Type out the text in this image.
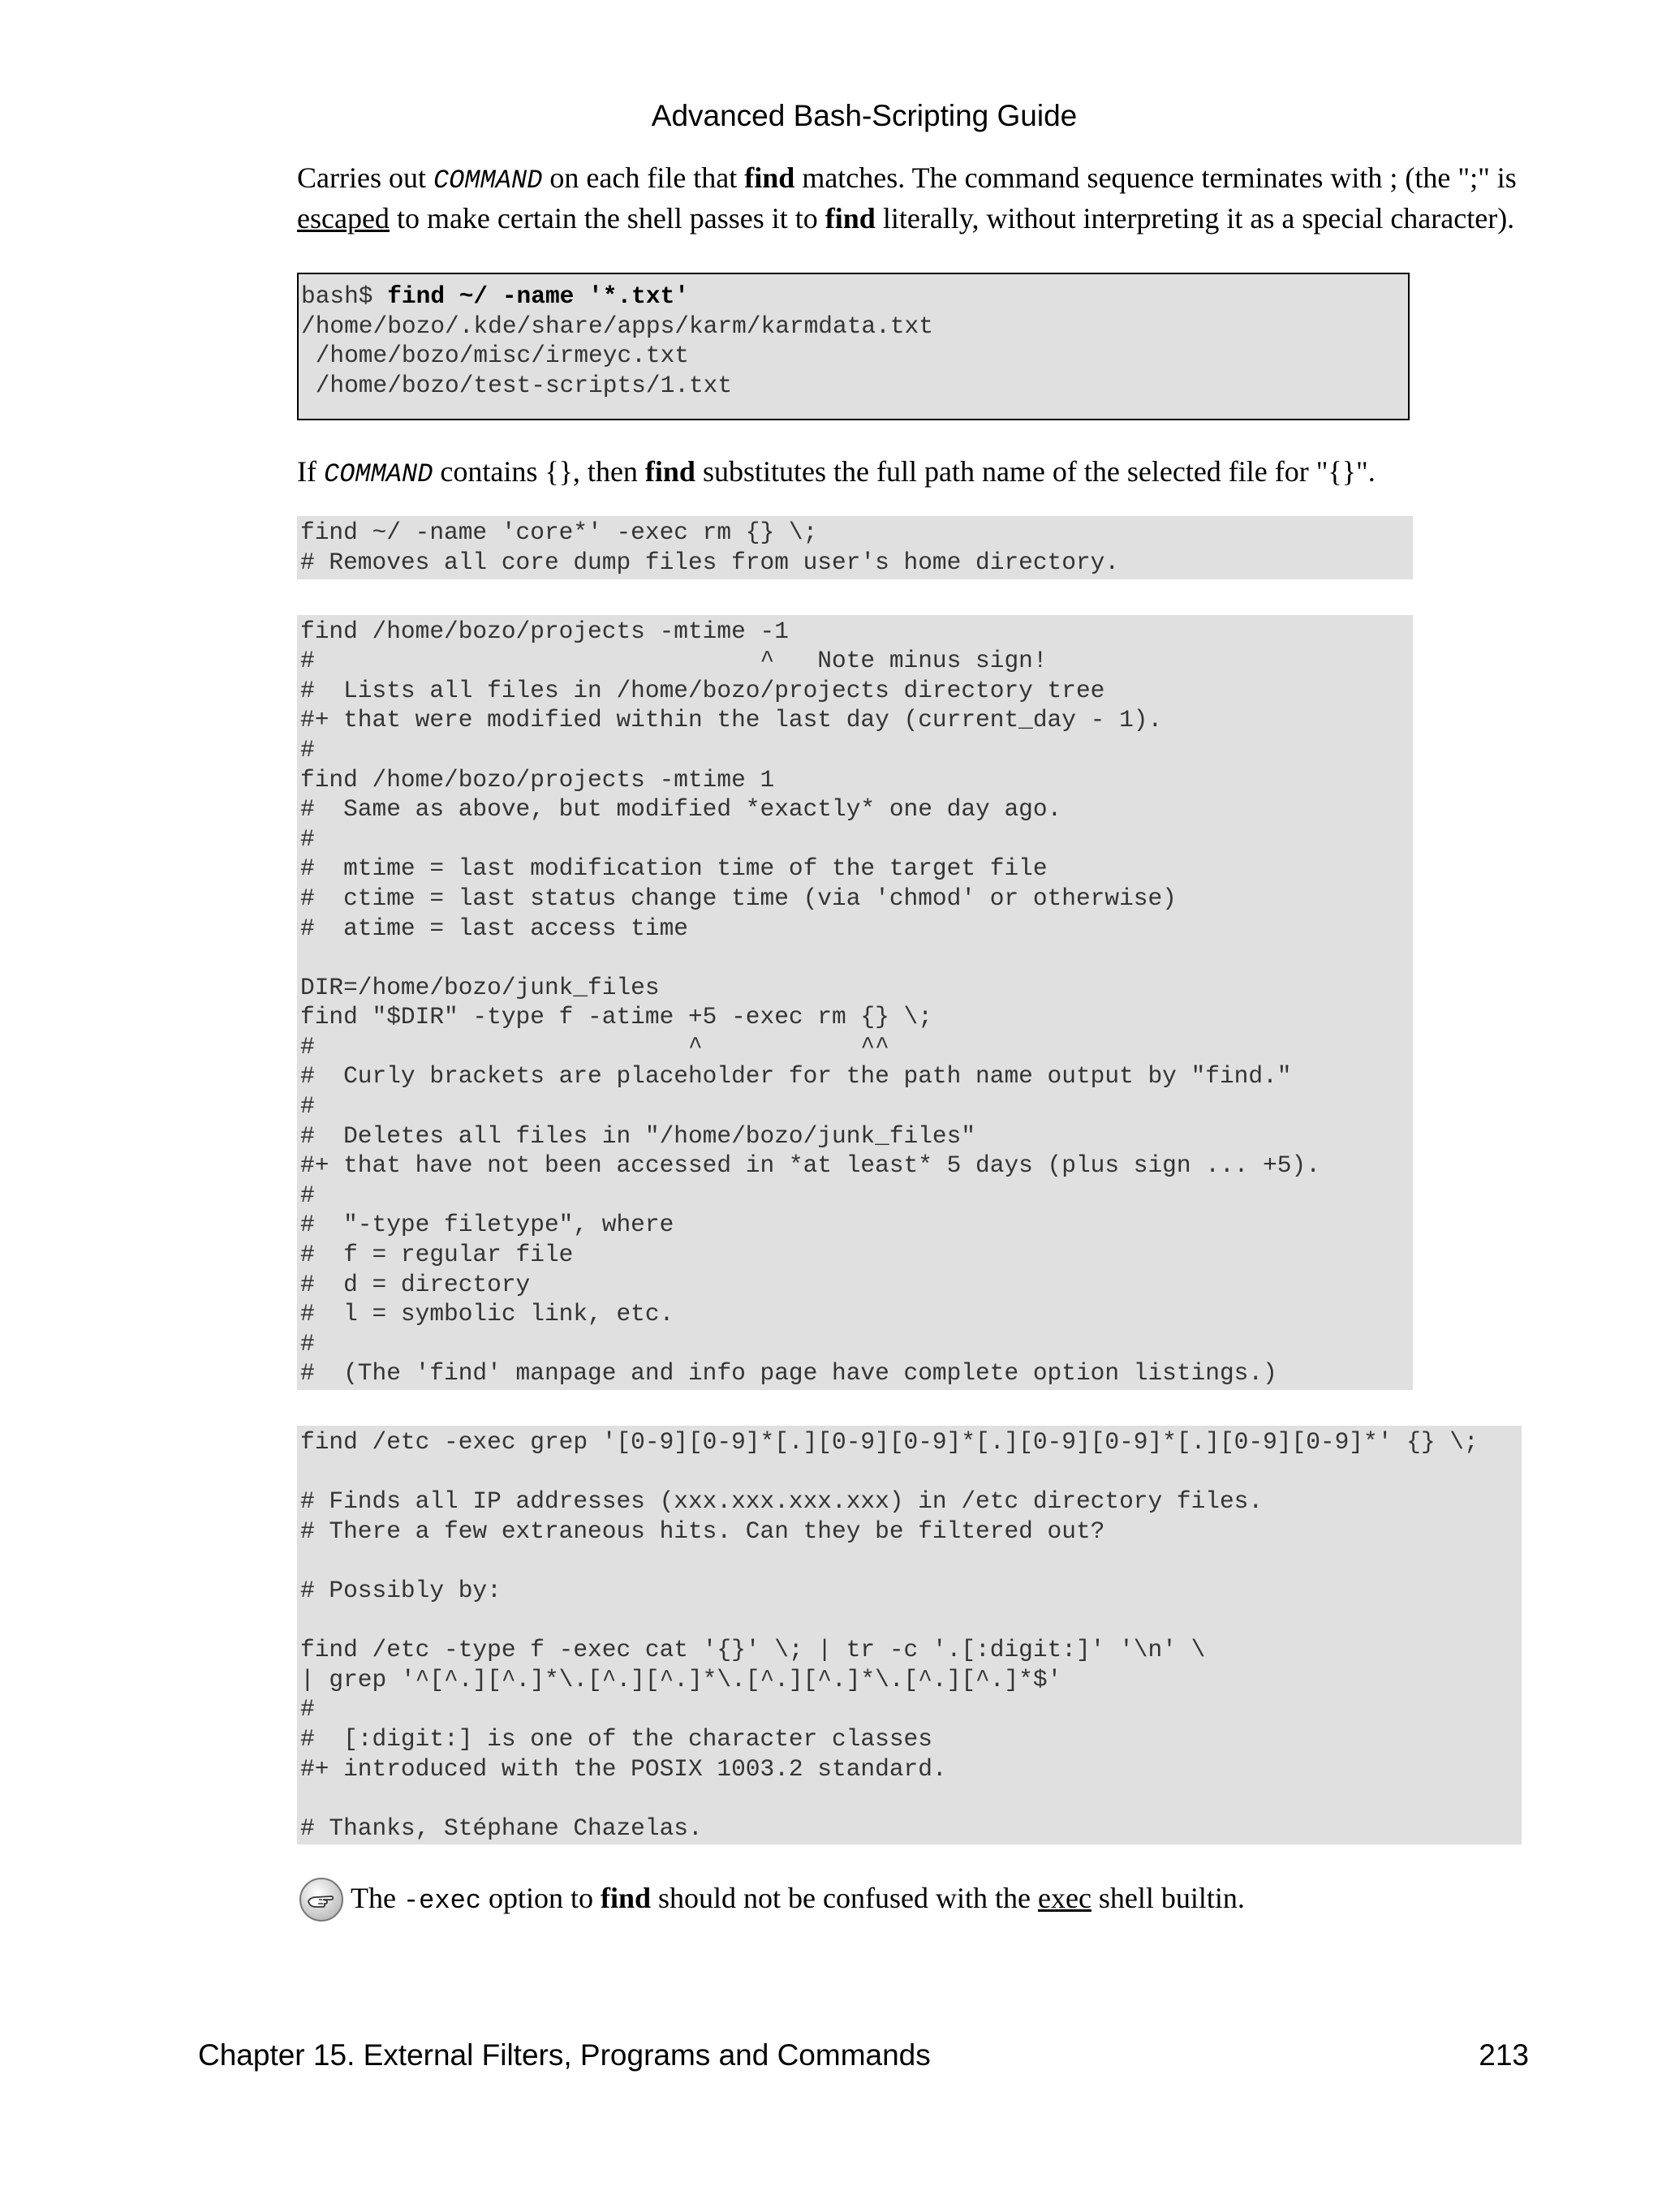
Advanced Bash-Scripting Guide

Carries out COMMAND on each file that find matches. The command sequence terminates with ; (the ";" is escaped to make certain the shell passes it to find literally, without interpreting it as a special character).

bash$ find ~/ -name '*.txt'
/home/bozo/.kde/share/apps/karm/karmdata.txt
/home/bozo/misc/irmeyc.txt
/home/bozo/test-scripts/1.txt

If COMMAND contains {}, then find substitutes the full path name of the selected file for "{}".

find ~/ -name 'core*' -exec rm {} \;
# Removes all core dump files from user's home directory.
find /home/bozo/projects -mtime -1
#                               ^   Note minus sign!
#  Lists all files in /home/bozo/projects directory tree
#+ that were modified within the last day (current_day - 1).
#
find /home/bozo/projects -mtime 1
#  Same as above, but modified *exactly* one day ago.
#
#  mtime = last modification time of the target file
#  ctime = last status change time (via 'chmod' or otherwise)
#  atime = last access time

DIR=/home/bozo/junk_files
find "$DIR" -type f -atime +5 -exec rm {} \;
#                          ^           ^^
#  Curly brackets are placeholder for the path name output by "find."
#
#  Deletes all files in "/home/bozo/junk_files"
#+ that have not been accessed in *at least* 5 days (plus sign ... +5).
#
#  "-type filetype", where
#  f = regular file
#  d = directory
#  l = symbolic link, etc.
#
#  (The 'find' manpage and info page have complete option listings.)
find /etc -exec grep '[0-9][0-9]*[.][0-9][0-9]*[.][0-9][0-9]*[.][0-9][0-9]*' {} \;

# Finds all IP addresses (xxx.xxx.xxx.xxx) in /etc directory files.
# There a few extraneous hits. Can they be filtered out?

# Possibly by:

find /etc -type f -exec cat '{}' \; | tr -c '.[:digit:]' '\n' \
| grep '^[^.][^.]*\.[^.][^.]*\.[^.][^.]*\.[^.][^.]*$'
#
#  [:digit:] is one of the character classes
#+ introduced with the POSIX 1003.2 standard.

# Thanks, Stéphane Chazelas.
The -exec option to find should not be confused with the exec shell builtin.
Chapter 15. External Filters, Programs and Commands	213
